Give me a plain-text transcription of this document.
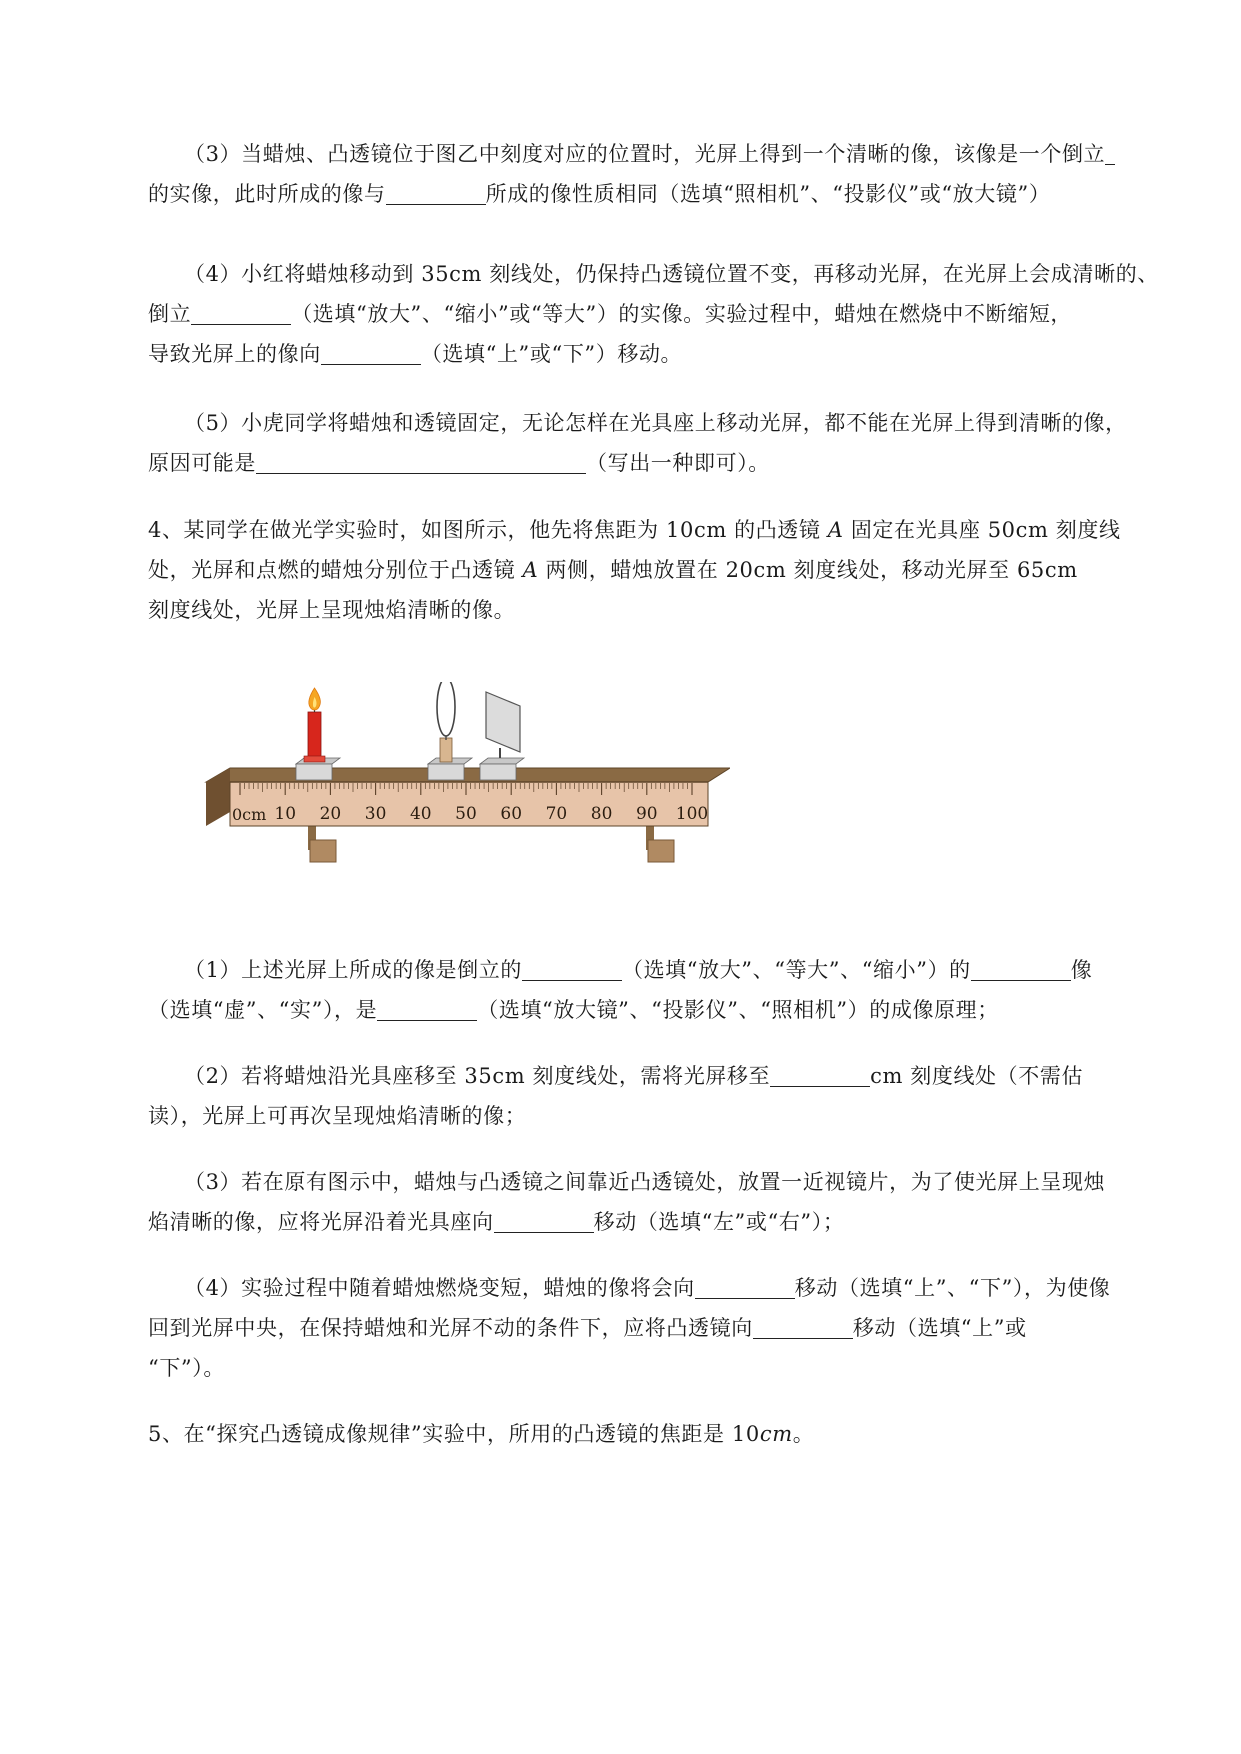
（3）当蜡烛、凸透镜位于图乙中刻度对应的位置时，光屏上得到一个清晰的像，该像是一个倒立
的实像，此时所成的像与	所成的像性质相同（选填“照相机”、“投影仪”或“放大镜”）
（4）小红将蜡烛移动到 35cm 刻线处，仍保持凸透镜位置不变，再移动光屏，在光屏上会成清晰的、
倒立	（选填“放大”、“缩小”或“等大”）的实像。实验过程中，蜡烛在燃烧中不断缩短，
导致光屏上的像向	（选填“上”或“下”）移动。
（5）小虎同学将蜡烛和透镜固定，无论怎样在光具座上移动光屏，都不能在光屏上得到清晰的像，
原因可能是	（写出一种即可）。
4、某同学在做光学实验时，如图所示，他先将焦距为 10cm 的凸透镜 A 固定在光具座 50cm 刻度线
处，光屏和点燃的蜡烛分别位于凸透镜 A 两侧，蜡烛放置在 20cm 刻度线处，移动光屏至 65cm
刻度线处，光屏上呈现烛焰清晰的像。
0cm 10 20 30 40 50 60 70 80 90 100
（1）上述光屏上所成的像是倒立的	（选填“放大”、“等大”、“缩小”）的	像
（选填“虚”、“实”），是	（选填“放大镜”、“投影仪”、“照相机”）的成像原理；
（2）若将蜡烛沿光具座移至 35cm 刻度线处，需将光屏移至	cm 刻度线处（不需估
读），光屏上可再次呈现烛焰清晰的像；
（3）若在原有图示中，蜡烛与凸透镜之间靠近凸透镜处，放置一近视镜片，为了使光屏上呈现烛
焰清晰的像，应将光屏沿着光具座向	移动（选填“左”或“右”）；
（4）实验过程中随着蜡烛燃烧变短，蜡烛的像将会向	移动（选填“上”、“下”），为使像
回到光屏中央，在保持蜡烛和光屏不动的条件下，应将凸透镜向	移动（选填“上”或
“下”）。
5、在“探究凸透镜成像规律”实验中，所用的凸透镜的焦距是 10cm。
